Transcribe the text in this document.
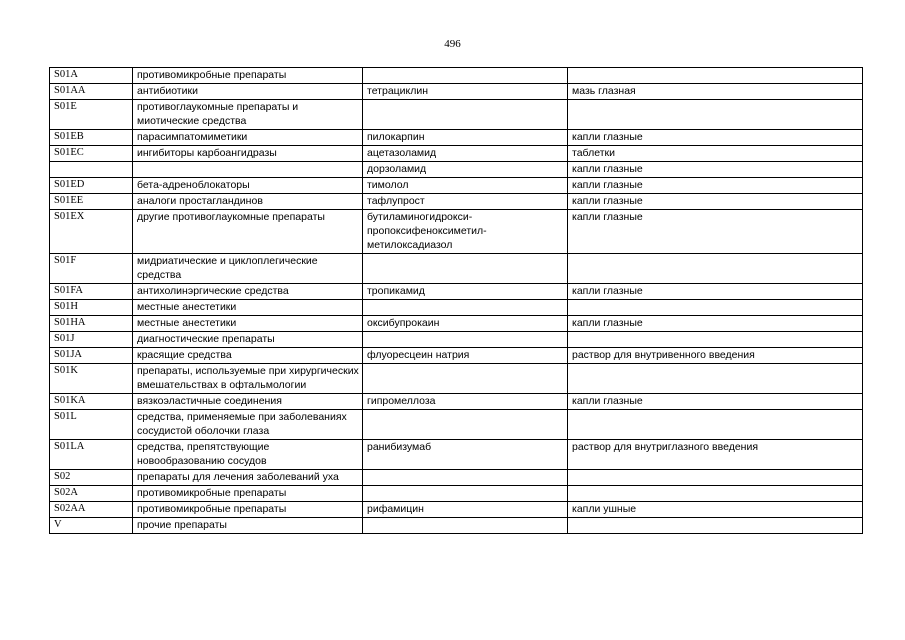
496
S01A	противомикробные препараты		
S01AA	антибиотики	тетрациклин	мазь глазная
S01E	противоглаукомные препараты и миотические средства		
S01EB	парасимпатомиметики	пилокарпин	капли глазные
S01EC	ингибиторы карбоангидразы	ацетазоламид	таблетки
		дорзоламид	капли глазные
S01ED	бета-адреноблокаторы	тимолол	капли глазные
S01EE	аналоги простагландинов	тафлупрост	капли глазные
S01EX	другие противоглаукомные препараты	бутиламиногидрокси-пропоксифеноксиметил-метилоксадиазол	капли глазные
S01F	мидриатические и циклоплегические средства		
S01FA	антихолинэргические средства	тропикамид	капли глазные
S01H	местные анестетики		
S01HA	местные анестетики	оксибупрокаин	капли глазные
S01J	диагностические препараты		
S01JA	красящие средства	флуоресцеин натрия	раствор для внутривенного введения
S01K	препараты, используемые при хирургических вмешательствах в офтальмологии		
S01KA	вязкоэластичные соединения	гипромеллоза	капли глазные
S01L	средства, применяемые при заболеваниях сосудистой оболочки глаза		
S01LA	средства, препятствующие новообразованию сосудов	ранибизумаб	раствор для внутриглазного введения
S02	препараты для лечения заболеваний уха		
S02A	противомикробные препараты		
S02AA	противомикробные препараты	рифамицин	капли ушные
V	прочие препараты		
